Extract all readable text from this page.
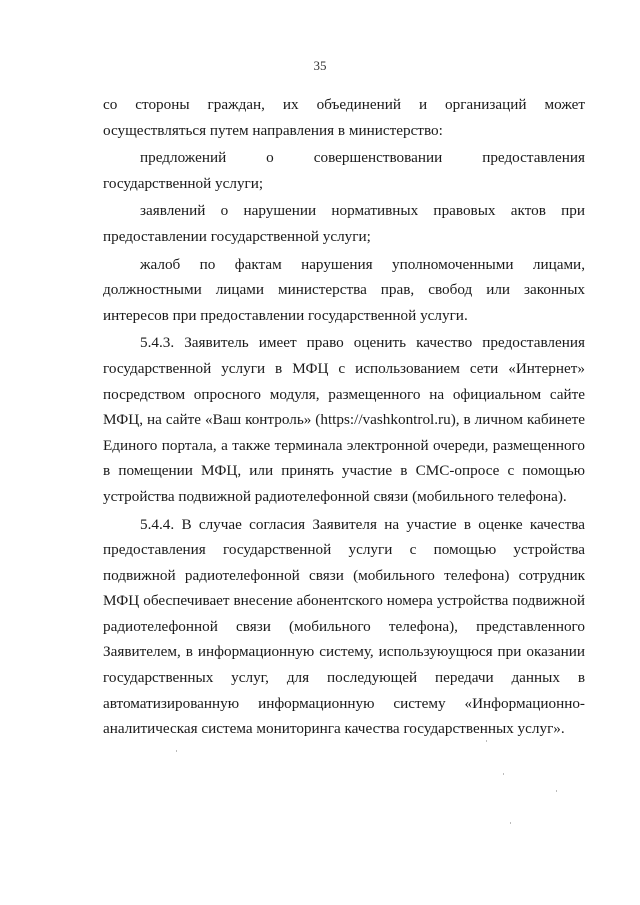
35

со стороны граждан, их объединений и организаций может осуществляться путем направления в министерство:

предложений о совершенствовании предоставления государственной услуги;

заявлений о нарушении нормативных правовых актов при предоставлении государственной услуги;

жалоб по фактам нарушения уполномоченными лицами, должностными лицами министерства прав, свобод или законных интересов при предоставлении государственной услуги.

5.4.3. Заявитель имеет право оценить качество предоставления государственной услуги в МФЦ с использованием сети «Интернет» посредством опросного модуля, размещенного на официальном сайте МФЦ, на сайте «Ваш контроль» (https://vashkontrol.ru), в личном кабинете Единого портала, а также терминала электронной очереди, размещенного в помещении МФЦ, или принять участие в СМС-опросе с помощью устройства подвижной радиотелефонной связи (мобильного телефона).

5.4.4. В случае согласия Заявителя на участие в оценке качества предоставления государственной услуги с помощью устройства подвижной радиотелефонной связи (мобильного телефона) сотрудник МФЦ обеспечивает внесение абонентского номера устройства подвижной радиотелефонной связи (мобильного телефона), представленного Заявителем, в информационную систему, используюущюся при оказании государственных услуг, для последующей передачи данных в автоматизированную информационную систему «Информационно- аналитическая система мониторинга качества государственных услуг».
